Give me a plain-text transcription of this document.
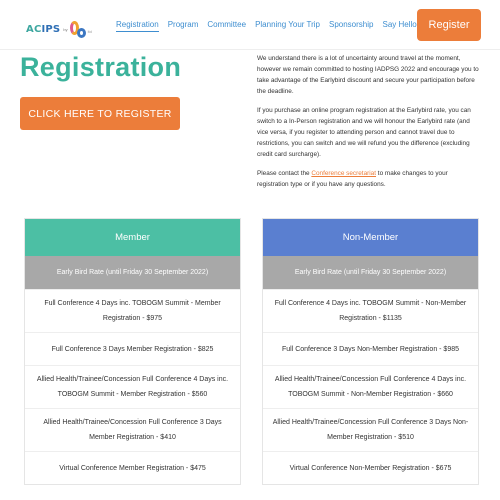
ACIPS by	ltd
Registration Program Committee Planning Your Trip Sponsorship Say Hello	Register
Registration
CLICK HERE TO REGISTER

We understand there is a lot of uncertainty around travel at the moment, however we remain committed to hosting IADPSG 2022 and encourage you to take advantage of the Earlybird discount and secure your participation before the deadline.

If you purchase an online program registration at the Earlybird rate, you can switch to a In-Person registration and we will honour the Earlybird rate (and vice versa, if you register to attending person and cannot travel due to restrictions, you can switch and we will refund you the difference (excluding credit card surcharge).

Please contact the Conference secretariat to make changes to your registration type or if you have any questions.

Member
Early Bird Rate (until Friday 30 September 2022)
Full Conference 4 Days inc. TOBOGM Summit - Member Registration - $975
Full Conference 3 Days Member Registration - $825
Allied Health/Trainee/Concession Full Conference 4 Days inc. TOBOGM Summit - Member Registration - $560
Allied Health/Trainee/Concession Full Conference 3 Days Member Registration - $410
Virtual Conference Member Registration - $475
Non-Member
Early Bird Rate (until Friday 30 September 2022)
Full Conference 4 Days inc. TOBOGM Summit - Non-Member Registration - $1135
Full Conference 3 Days Non-Member Registration - $985
Allied Health/Trainee/Concession Full Conference 4 Days inc. TOBOGM Summit - Non-Member Registration - $660
Allied Health/Trainee/Concession Full Conference 3 Days Non-Member Registration - $510
Virtual Conference Non-Member Registration - $675
